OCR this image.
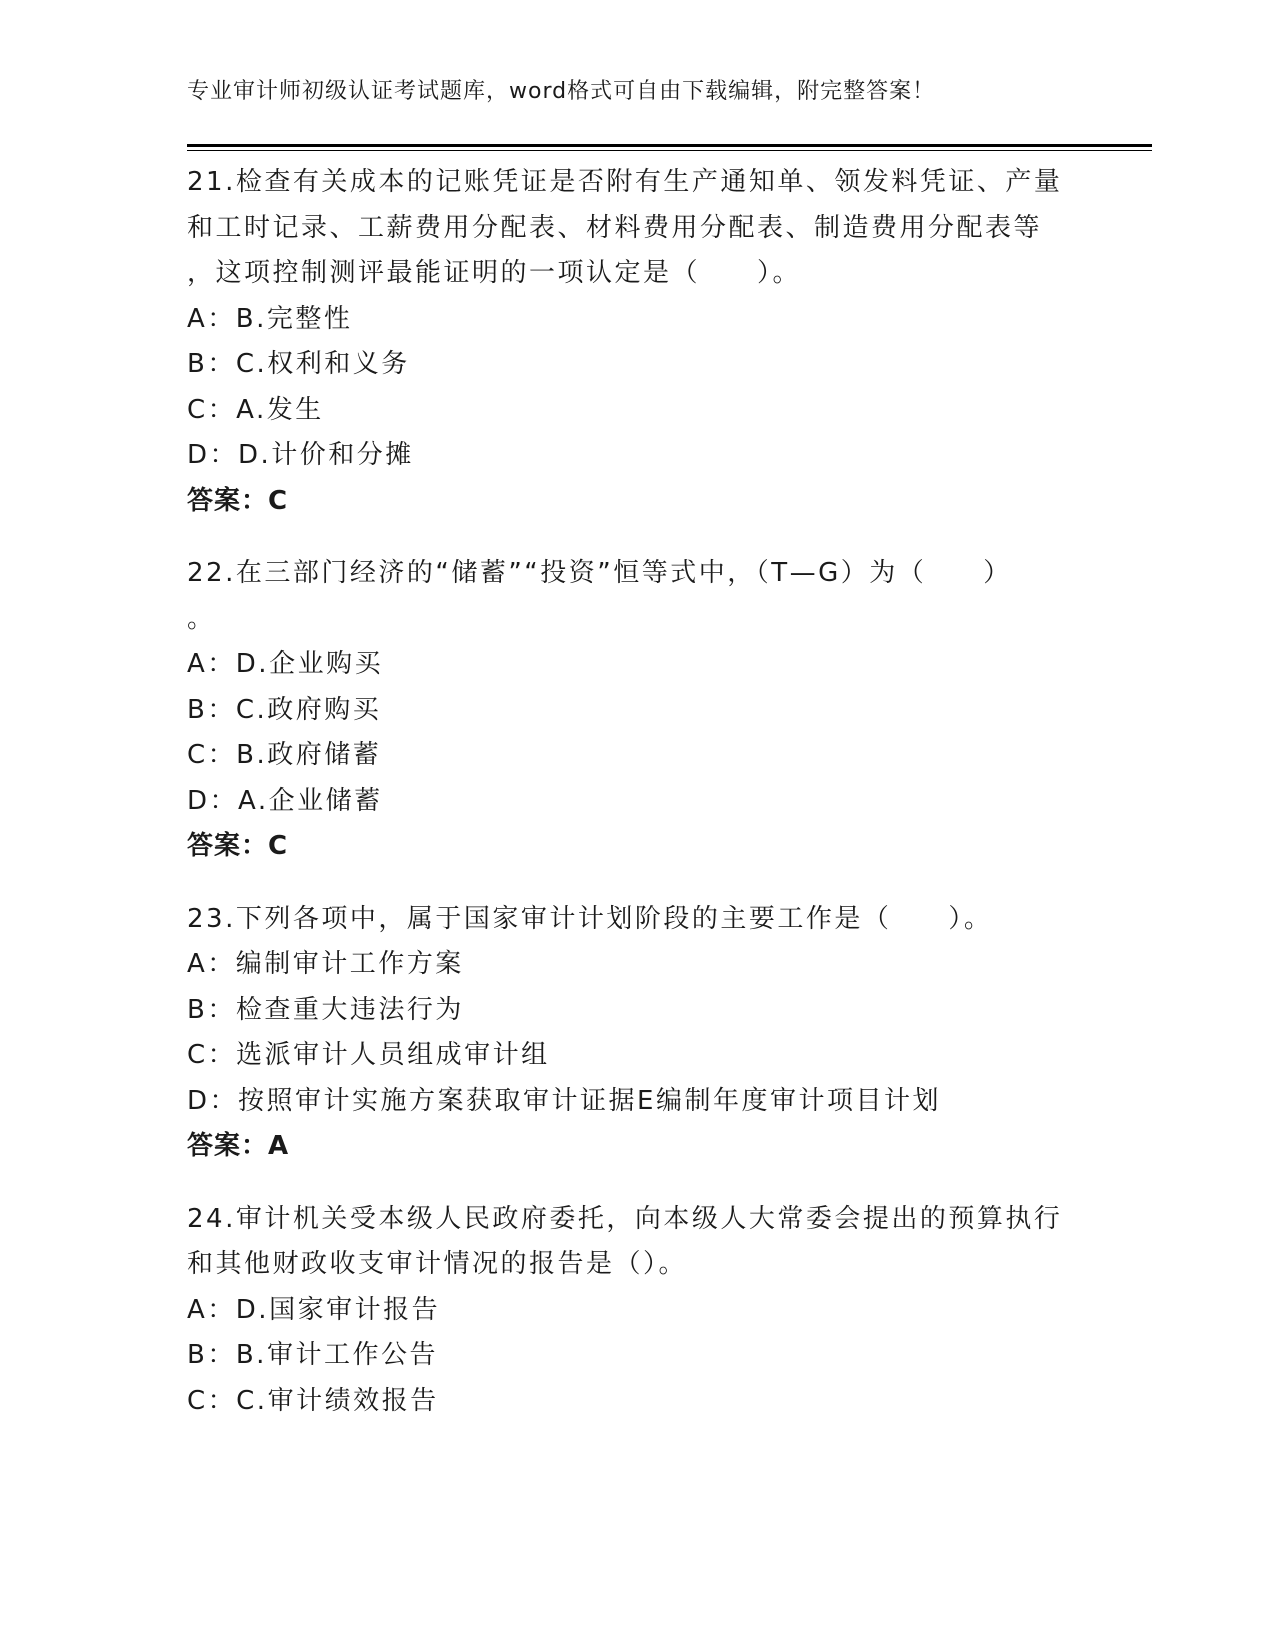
专业审计师初级认证考试题库，word格式可自由下载编辑，附完整答案！
21.检查有关成本的记账凭证是否附有生产通知单、领发料凭证、产量
和工时记录、工薪费用分配表、材料费用分配表、制造费用分配表等
，这项控制测评最能证明的一项认定是（　　）。
A：B.完整性
B：C.权利和义务
C：A.发生
D：D.计价和分摊
答案：C
22.在三部门经济的“储蓄”“投资”恒等式中，（T—G）为（　　）
。
A：D.企业购买
B：C.政府购买
C：B.政府储蓄
D：A.企业储蓄
答案：C
23.下列各项中，属于国家审计计划阶段的主要工作是（　　）。
A：编制审计工作方案
B：检查重大违法行为
C：选派审计人员组成审计组
D：按照审计实施方案获取审计证据E编制年度审计项目计划
答案：A
24.审计机关受本级人民政府委托，向本级人大常委会提出的预算执行
和其他财政收支审计情况的报告是（）。
A：D.国家审计报告
B：B.审计工作公告
C：C.审计绩效报告
